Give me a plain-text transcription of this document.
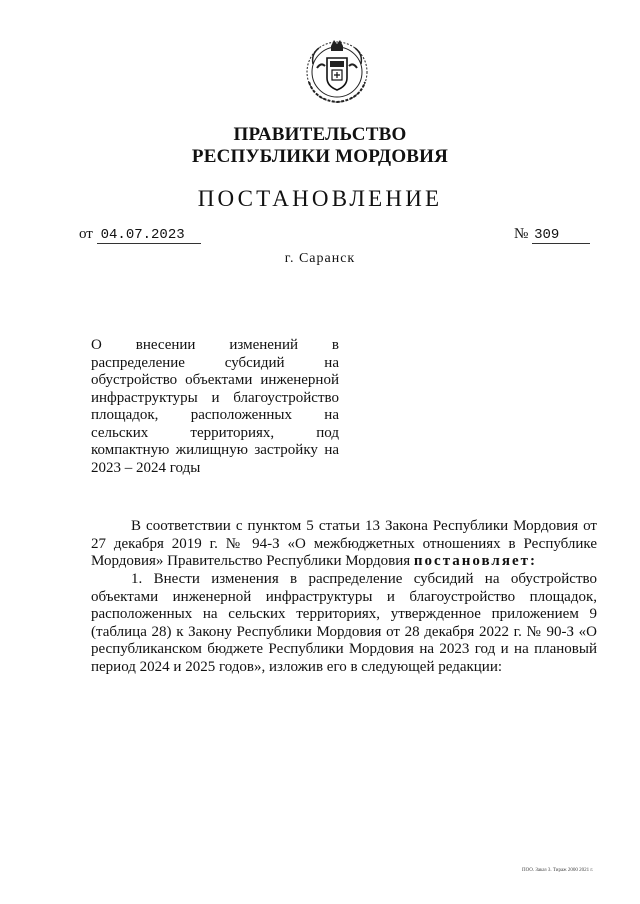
ПРАВИТЕЛЬСТВО
РЕСПУБЛИКИ МОРДОВИЯ
ПОСТАНОВЛЕНИЕ
от 04.07.2023	№ 309
г. Саранск
О внесении изменений в распределение субсидий на обустройство объектами инженерной инфраструктуры и благоустройство площадок, расположенных на сельских территориях, под компактную жилищную застройку на 2023 – 2024 годы
В соответствии с пунктом 5 статьи 13 Закона Республики Мордовия от 27 декабря 2019 г. № 94-З «О межбюджетных отношениях в Республике Мордовия» Правительство Республики Мордовия постановляет:
1. Внести изменения в распределение субсидий на обустройство объектами инженерной инфраструктуры и благоустройство площадок, расположенных на сельских территориях, утвержденное приложением 9 (таблица 28) к Закону Республики Мордовия от 28 декабря 2022 г. № 90-З «О республиканском бюджете Республики Мордовия на 2023 год и на плановый период 2024 и 2025 годов», изложив его в следующей редакции:
ПОО. Заказ 3. Тираж 2000 2021 г.
